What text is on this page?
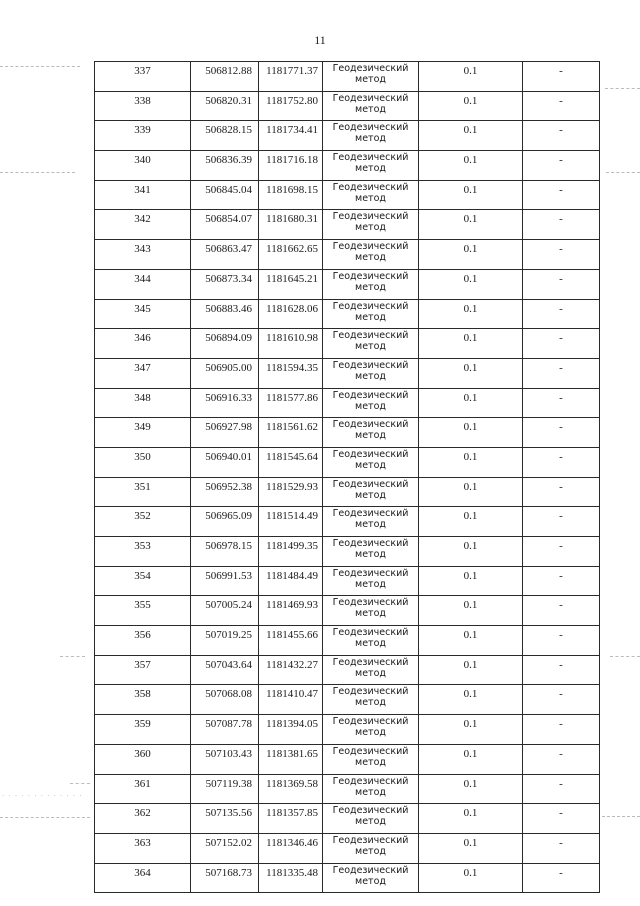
11
· · · · · · · · · · · · ·
337	506812.88	1181771.37	Геодезический
метод	0.1	-
338	506820.31	1181752.80	Геодезический
метод	0.1	-
339	506828.15	1181734.41	Геодезический
метод	0.1	-
340	506836.39	1181716.18	Геодезический
метод	0.1	-
341	506845.04	1181698.15	Геодезический
метод	0.1	-
342	506854.07	1181680.31	Геодезический
метод	0.1	-
343	506863.47	1181662.65	Геодезический
метод	0.1	-
344	506873.34	1181645.21	Геодезический
метод	0.1	-
345	506883.46	1181628.06	Геодезический
метод	0.1	-
346	506894.09	1181610.98	Геодезический
метод	0.1	-
347	506905.00	1181594.35	Геодезический
метод	0.1	-
348	506916.33	1181577.86	Геодезический
метод	0.1	-
349	506927.98	1181561.62	Геодезический
метод	0.1	-
350	506940.01	1181545.64	Геодезический
метод	0.1	-
351	506952.38	1181529.93	Геодезический
метод	0.1	-
352	506965.09	1181514.49	Геодезический
метод	0.1	-
353	506978.15	1181499.35	Геодезический
метод	0.1	-
354	506991.53	1181484.49	Геодезический
метод	0.1	-
355	507005.24	1181469.93	Геодезический
метод	0.1	-
356	507019.25	1181455.66	Геодезический
метод	0.1	-
357	507043.64	1181432.27	Геодезический
метод	0.1	-
358	507068.08	1181410.47	Геодезический
метод	0.1	-
359	507087.78	1181394.05	Геодезический
метод	0.1	-
360	507103.43	1181381.65	Геодезический
метод	0.1	-
361	507119.38	1181369.58	Геодезический
метод	0.1	-
362	507135.56	1181357.85	Геодезический
метод	0.1	-
363	507152.02	1181346.46	Геодезический
метод	0.1	-
364	507168.73	1181335.48	Геодезический
метод	0.1	-
